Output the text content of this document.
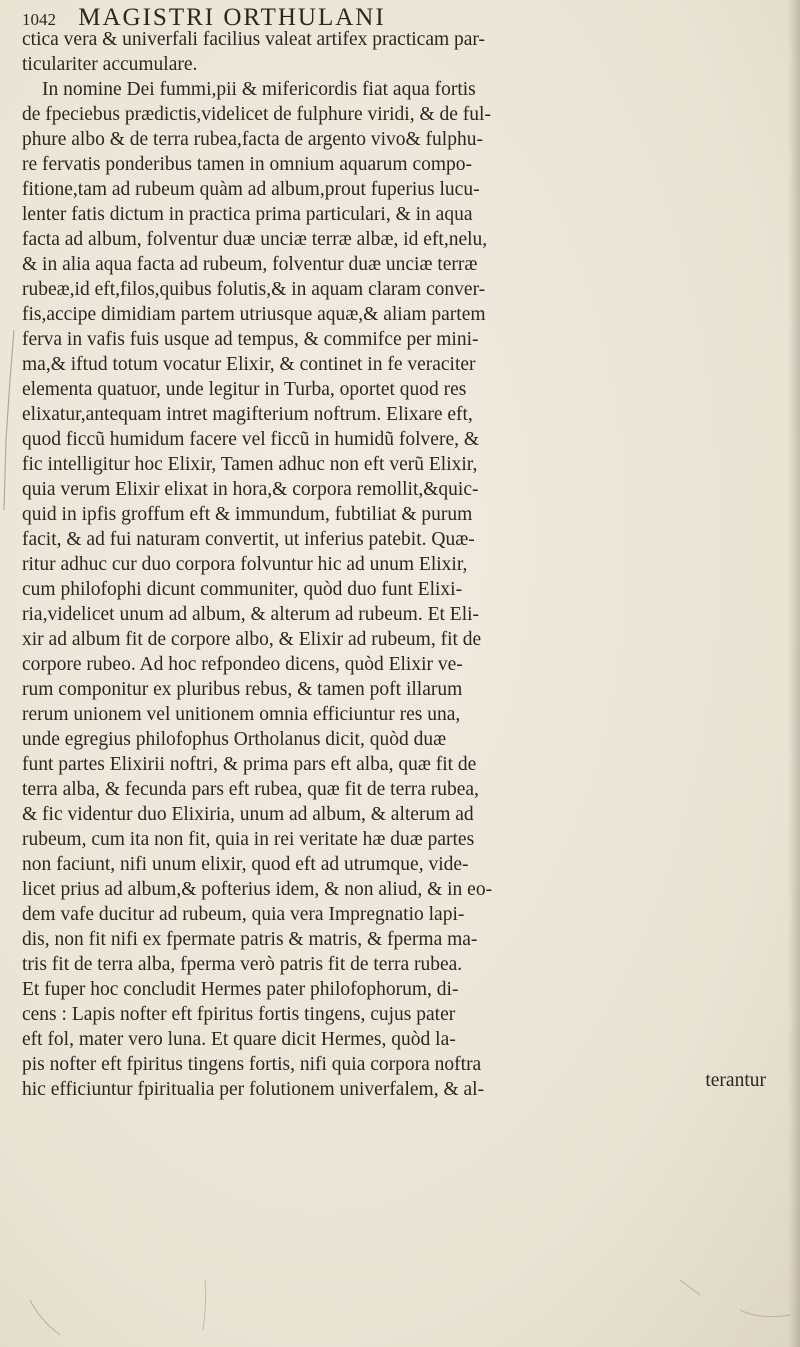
1042 MAGISTRI ORTHULANI
ctica vera & univerfali facilius valeat artifex practicam par-
ticulariter accumulare.
In nomine Dei fummi,pii & mifericordis fiat aqua fortis
de fpeciebus prædictis,videlicet de fulphure viridi, & de ful-
phure albo & de terra rubea,facta de argento vivo& fulphu-
re fervatis ponderibus tamen in omnium aquarum compo-
fitione,tam ad rubeum quàm ad album,prout fuperius lucu-
lenter fatis dictum in practica prima particulari, & in aqua
facta ad album, folventur duæ unciæ terræ albæ, id eft,nelu,
& in alia aqua facta ad rubeum, folventur duæ unciæ terræ
rubeæ,id eft,filos,quibus folutis,& in aquam claram conver-
fis,accipe dimidiam partem utriusque aquæ,& aliam partem
ferva in vafis fuis usque ad tempus, & commifce per mini-
ma,& iftud totum vocatur Elixir, & continet in fe veraciter
elementa quatuor, unde legitur in Turba, oportet quod res
elixatur,antequam intret magifterium noftrum. Elixare eft,
quod ficcũ humidum facere vel ficcũ in humidũ folvere, &
fic intelligitur hoc Elixir, Tamen adhuc non eft verũ Elixir,
quia verum Elixir elixat in hora,& corpora remollit,&quic-
quid in ipfis groffum eft & immundum, fubtiliat & purum
facit, & ad fui naturam convertit, ut inferius patebit. Quæ-
ritur adhuc cur duo corpora folvuntur hic ad unum Elixir,
cum philofophi dicunt communiter, quòd duo funt Elixi-
ria,videlicet unum ad album, & alterum ad rubeum. Et Eli-
xir ad album fit de corpore albo, & Elixir ad rubeum, fit de
corpore rubeo. Ad hoc refpondeo dicens, quòd Elixir ve-
rum componitur ex pluribus rebus, & tamen poft illarum
rerum unionem vel unitionem omnia efficiuntur res una,
unde egregius philofophus Ortholanus dicit, quòd duæ
funt partes Elixirii noftri, & prima pars eft alba, quæ fit de
terra alba, & fecunda pars eft rubea, quæ fit de terra rubea,
& fic videntur duo Elixiria, unum ad album, & alterum ad
rubeum, cum ita non fit, quia in rei veritate hæ duæ partes
non faciunt, nifi unum elixir, quod eft ad utrumque, vide-
licet prius ad album,& pofterius idem, & non aliud, & in eo-
dem vafe ducitur ad rubeum, quia vera Impregnatio lapi-
dis, non fit nifi ex fpermate patris & matris, & fperma ma-
tris fit de terra alba, fperma verò patris fit de terra rubea.
Et fuper hoc concludit Hermes pater philofophorum, di-
cens : Lapis nofter eft fpiritus fortis tingens, cujus pater
eft fol, mater vero luna. Et quare dicit Hermes, quòd la-
pis nofter eft fpiritus tingens fortis, nifi quia corpora noftra
hic efficiuntur fpiritualia per folutionem univerfalem, & al-	terantur
